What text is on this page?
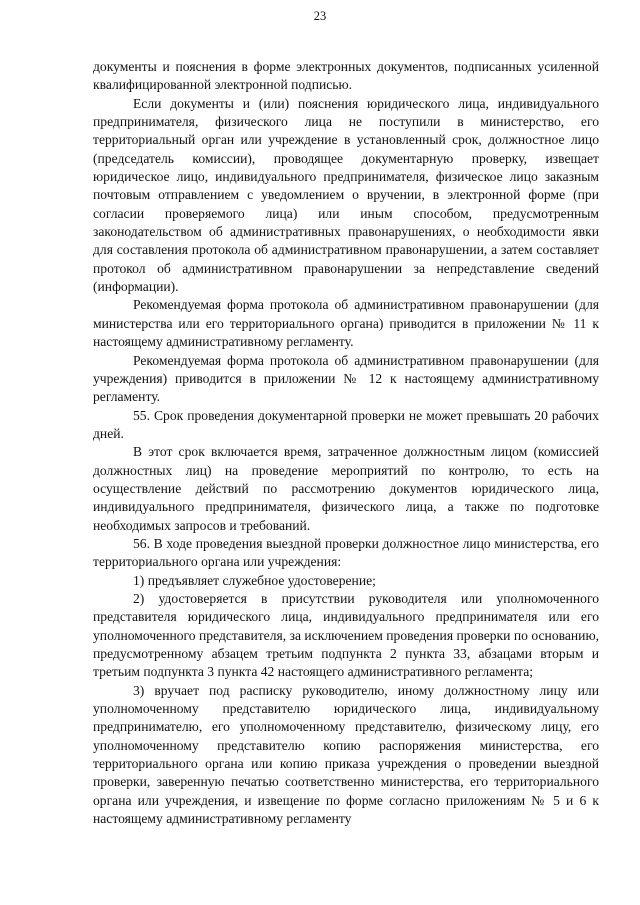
23

документы и пояснения в форме электронных документов, подписанных усиленной квалифицированной электронной подписью.

Если документы и (или) пояснения юридического лица, индивидуального предпринимателя, физического лица не поступили в министерство, его территориальный орган или учреждение в установленный срок, должностное лицо (председатель комиссии), проводящее документарную проверку, извещает юридическое лицо, индивидуального предпринимателя, физическое лицо заказным почтовым отправлением с уведомлением о вручении, в электронной форме (при согласии проверяемого лица) или иным способом, предусмотренным законодательством об административных правонарушениях, о необходимости явки для составления протокола об административном правонарушении, а затем составляет протокол об административном правонарушении за непредставление сведений (информации).

Рекомендуемая форма протокола об административном правонарушении (для министерства или его территориального органа) приводится в приложении № 11 к настоящему административному регламенту.

Рекомендуемая форма протокола об административном правонарушении (для учреждения) приводится в приложении № 12 к настоящему административному регламенту.

55. Срок проведения документарной проверки не может превышать 20 рабочих дней.

В этот срок включается время, затраченное должностным лицом (комиссией должностных лиц) на проведение мероприятий по контролю, то есть на осуществление действий по рассмотрению документов юридического лица, индивидуального предпринимателя, физического лица, а также по подготовке необходимых запросов и требований.

56. В ходе проведения выездной проверки должностное лицо министерства, его территориального органа или учреждения:

1) предъявляет служебное удостоверение;

2) удостоверяется в присутствии руководителя или уполномоченного представителя юридического лица, индивидуального предпринимателя или его уполномоченного представителя, за исключением проведения проверки по основанию, предусмотренному абзацем третьим подпункта 2 пункта 33, абзацами вторым и третьим подпункта 3 пункта 42 настоящего административного регламента;

3) вручает под расписку руководителю, иному должностному лицу или уполномоченному представителю юридического лица, индивидуальному предпринимателю, его уполномоченному представителю, физическому лицу, его уполномоченному представителю копию распоряжения министерства, его территориального органа или копию приказа учреждения о проведении выездной проверки, заверенную печатью соответственно министерства, его территориального органа или учреждения, и извещение по форме согласно приложениям № 5 и 6 к настоящему административному регламенту
